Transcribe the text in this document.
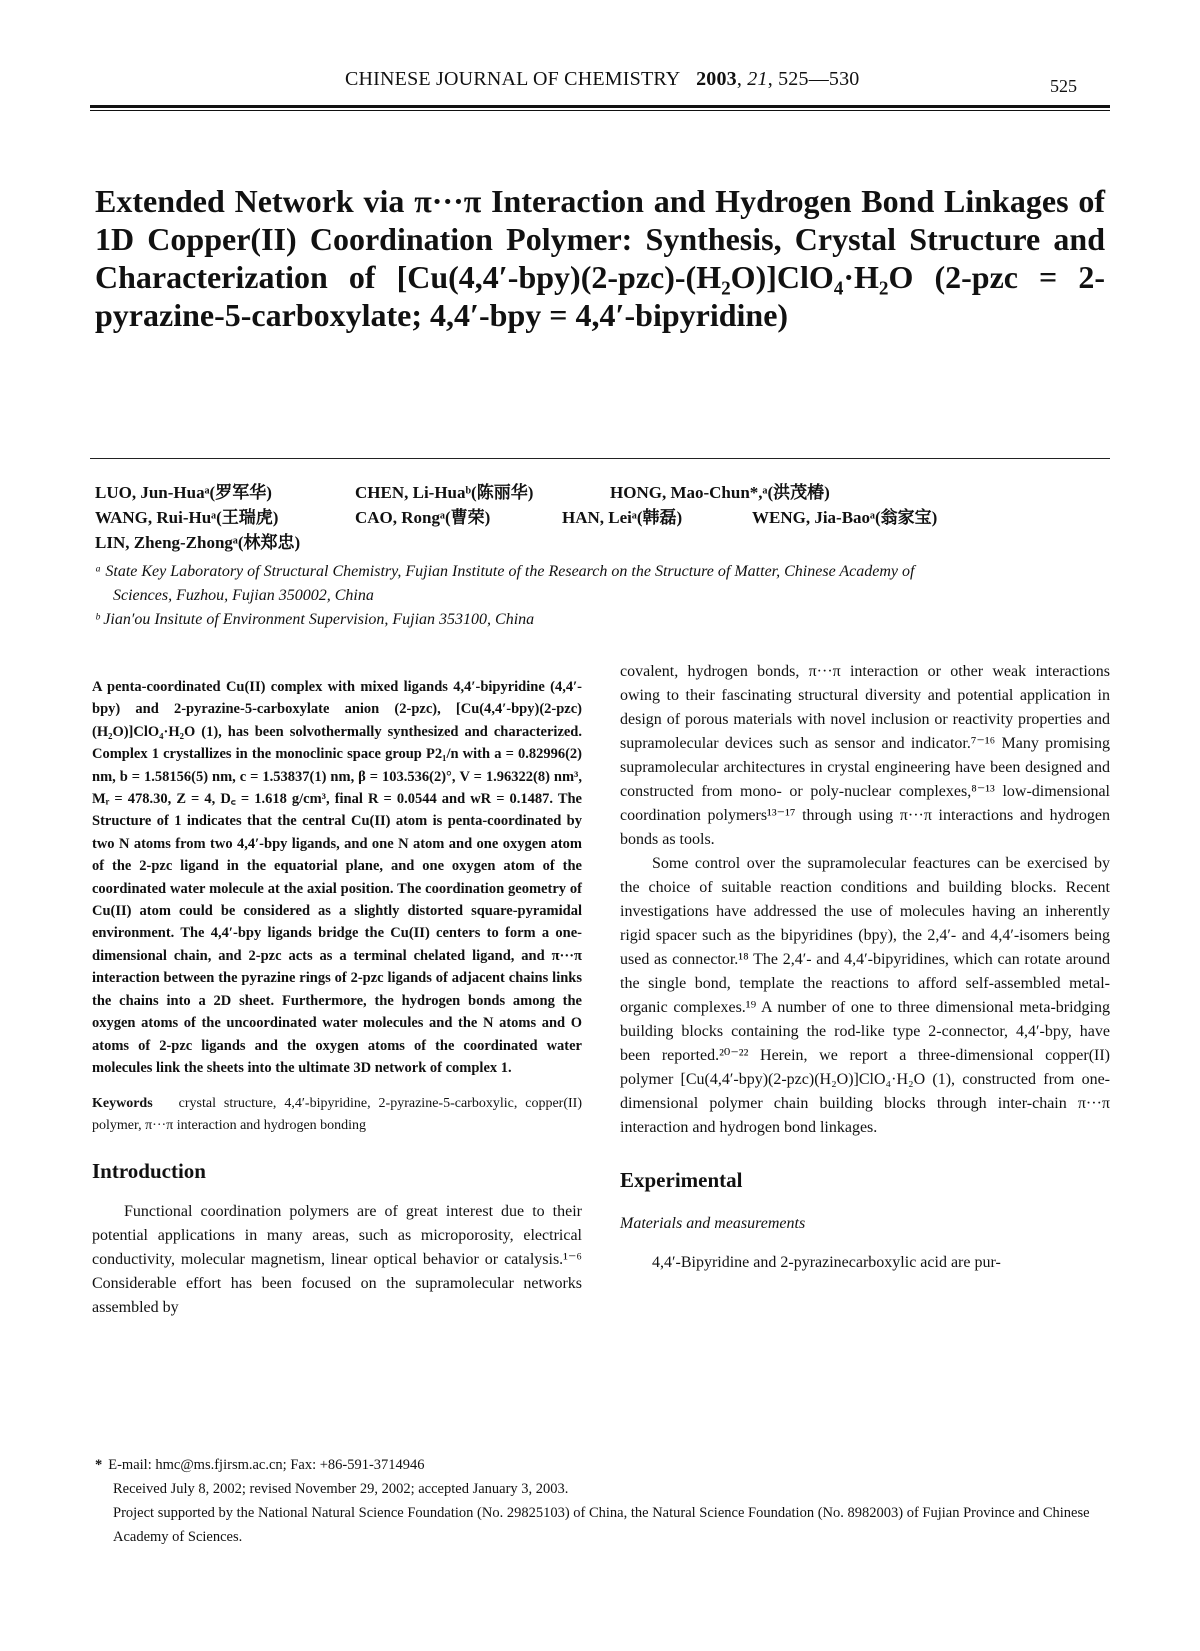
CHINESE JOURNAL OF CHEMISTRY 2003, 21, 525—530	525
Extended Network via π···π Interaction and Hydrogen Bond Linkages of 1D Copper(II) Coordination Polymer: Synthesis, Crystal Structure and Characterization of [Cu(4,4′-bpy)(2-pzc)-(H₂O)]ClO₄·H₂O (2-pzc = 2-pyrazine-5-carboxylate; 4,4′-bpy = 4,4′-bipyridine)
LUO, Jun-Huaᵃ(罗军华)	CHEN, Li-Huaᵇ(陈丽华)	HONG, Mao-Chun*,ᵃ(洪茂椿)
WANG, Rui-Huᵃ(王瑞虎)	CAO, Rongᵃ(曹荣)	HAN, Leiᵃ(韩磊)	WENG, Jia-Baoᵃ(翁家宝)
LIN, Zheng-Zhongᵃ(林郑忠)
ᵃ State Key Laboratory of Structural Chemistry, Fujian Institute of the Research on the Structure of Matter, Chinese Academy of
Sciences, Fuzhou, Fujian 350002, China
ᵇ Jian′ou Insitute of Environment Supervision, Fujian 353100, China

A penta-coordinated Cu(II) complex with mixed ligands 4,4′-bipyridine (4,4′-bpy) and 2-pyrazine-5-carboxylate anion (2-pzc), [Cu(4,4′-bpy)(2-pzc)(H₂O)]ClO₄·H₂O (1), has been solvothermally synthesized and characterized. Complex 1 crystallizes in the monoclinic space group P2₁/n with a = 0.82996(2) nm, b = 1.58156(5) nm, c = 1.53837(1) nm, β = 103.536(2)°, V = 1.96322(8) nm³, Mᵣ = 478.30, Z = 4, D꜀ = 1.618 g/cm³, final R = 0.0544 and wR = 0.1487. The Structure of 1 indicates that the central Cu(II) atom is penta-coordinated by two N atoms from two 4,4′-bpy ligands, and one N atom and one oxygen atom of the 2-pzc ligand in the equatorial plane, and one oxygen atom of the coordinated water molecule at the axial position. The coordination geometry of Cu(II) atom could be considered as a slightly distorted square-pyramidal environment. The 4,4′-bpy ligands bridge the Cu(II) centers to form a one-dimensional chain, and 2-pzc acts as a terminal chelated ligand, and π···π interaction between the pyrazine rings of 2-pzc ligands of adjacent chains links the chains into a 2D sheet. Furthermore, the hydrogen bonds among the oxygen atoms of the uncoordinated water molecules and the N atoms and O atoms of 2-pzc ligands and the oxygen atoms of the coordinated water molecules link the sheets into the ultimate 3D network of complex 1.

Keywords crystal structure, 4,4′-bipyridine, 2-pyrazine-5-carboxylic, copper(II) polymer, π···π interaction and hydrogen bonding
Introduction

Functional coordination polymers are of great interest due to their potential applications in many areas, such as microporosity, electrical conductivity, molecular magnetism, linear optical behavior or catalysis.¹⁻⁶ Considerable effort has been focused on the supramolecular networks assembled by

covalent, hydrogen bonds, π···π interaction or other weak interactions owing to their fascinating structural diversity and potential application in design of porous materials with novel inclusion or reactivity properties and supramolecular devices such as sensor and indicator.⁷⁻¹⁶ Many promising supramolecular architectures in crystal engineering have been designed and constructed from mono- or poly-nuclear complexes,⁸⁻¹³ low-dimensional coordination polymers¹³⁻¹⁷ through using π···π interactions and hydrogen bonds as tools.

Some control over the supramolecular feactures can be exercised by the choice of suitable reaction conditions and building blocks. Recent investigations have addressed the use of molecules having an inherently rigid spacer such as the bipyridines (bpy), the 2,4′- and 4,4′-isomers being used as connector.¹⁸ The 2,4′- and 4,4′-bipyridines, which can rotate around the single bond, template the reactions to afford self-assembled metal-organic complexes.¹⁹ A number of one to three dimensional meta-bridging building blocks containing the rod-like type 2-connector, 4,4′-bpy, have been reported.²⁰⁻²² Herein, we report a three-dimensional copper(II) polymer [Cu(4,4′-bpy)(2-pzc)(H₂O)]ClO₄·H₂O (1), constructed from one-dimensional polymer chain building blocks through inter-chain π···π interaction and hydrogen bond linkages.

Experimental
Materials and measurements

4,4′-Bipyridine and 2-pyrazinecarboxylic acid are pur-

* E-mail: hmc@ms.fjirsm.ac.cn; Fax: +86-591-3714946

Received July 8, 2002; revised November 29, 2002; accepted January 3, 2003.

Project supported by the National Natural Science Foundation (No. 29825103) of China, the Natural Science Foundation (No. 8982003) of Fujian Province and Chinese Academy of Sciences.
